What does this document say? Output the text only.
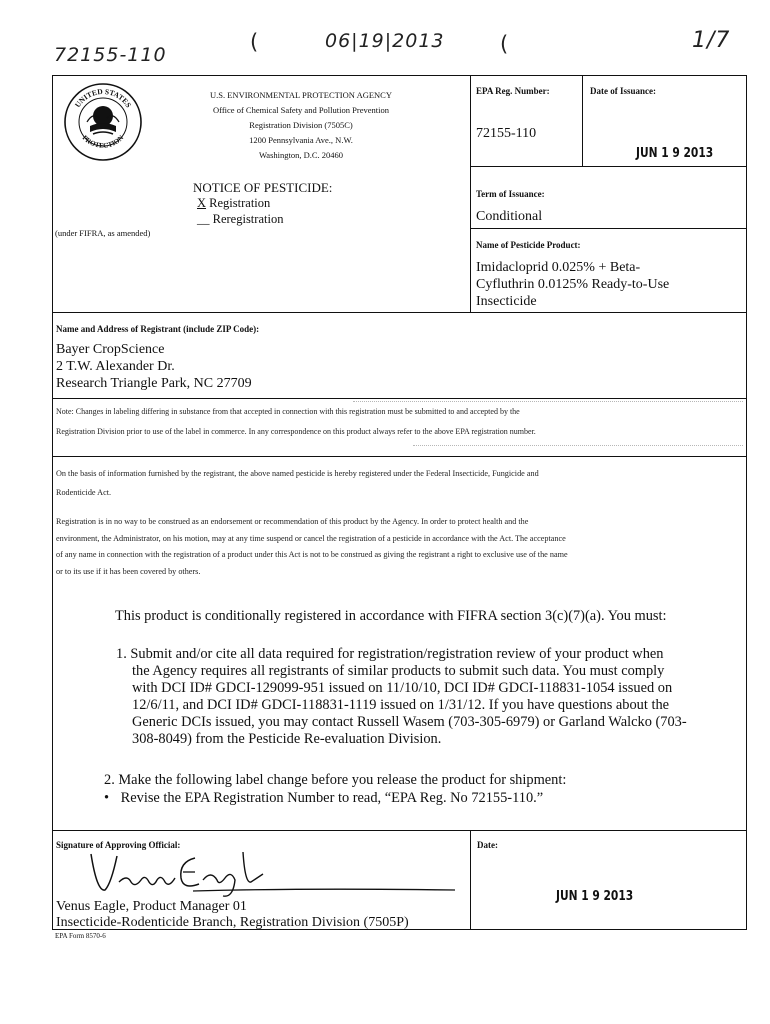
72155-110
(	06|19|2013	(	1/7
UNITED STATES
PROTECTION
U.S. ENVIRONMENTAL PROTECTION AGENCY
Office of Chemical Safety and Pollution Prevention
Registration Division (7505C)
1200 Pennsylvania Ave., N.W.
Washington, D.C. 20460
NOTICE OF PESTICIDE:
X Registration
__ Reregistration
(under FIFRA, as amended)
EPA Reg. Number:
72155-110
Date of Issuance:
JUN 1 9 2013
Term of Issuance:
Conditional
Name of Pesticide Product:
Imidacloprid 0.025% + Beta-
Cyfluthrin 0.0125% Ready-to-Use
Insecticide
Name and Address of Registrant (include ZIP Code):
Bayer CropScience
2 T.W. Alexander Dr.
Research Triangle Park, NC 27709
Note: Changes in labeling differing in substance from that accepted in connection with this registration must be submitted to and accepted by the
Registration Division prior to use of the label in commerce. In any correspondence on this product always refer to the above EPA registration number.
On the basis of information furnished by the registrant, the above named pesticide is hereby registered under the Federal Insecticide, Fungicide and
Rodenticide Act.
Registration is in no way to be construed as an endorsement or recommendation of this product by the Agency. In order to protect health and the
environment, the Administrator, on his motion, may at any time suspend or cancel the registration of a pesticide in accordance with the Act. The acceptance
of any name in connection with the registration of a product under this Act is not to be construed as giving the registrant a right to exclusive use of the name
or to its use if it has been covered by others.
This product is conditionally registered in accordance with FIFRA section 3(c)(7)(a). You must:
1. Submit and/or cite all data required for registration/registration review of your product when
the Agency requires all registrants of similar products to submit such data. You must comply
with DCI ID# GDCI-129099-951 issued on 11/10/10, DCI ID# GDCI-118831-1054 issued on
12/6/11, and DCI ID# GDCI-118831-1119 issued on 1/31/12. If you have questions about the
Generic DCIs issued, you may contact Russell Wasem (703-305-6979) or Garland Walcko (703-
308-8049) from the Pesticide Re-evaluation Division.
2. Make the following label change before you release the product for shipment:
• Revise the EPA Registration Number to read, “EPA Reg. No 72155-110.”
Signature of Approving Official:
Venus Eagle, Product Manager 01
Insecticide-Rodenticide Branch, Registration Division (7505P)
Date:
JUN 1 9 2013
EPA Form 8570-6
